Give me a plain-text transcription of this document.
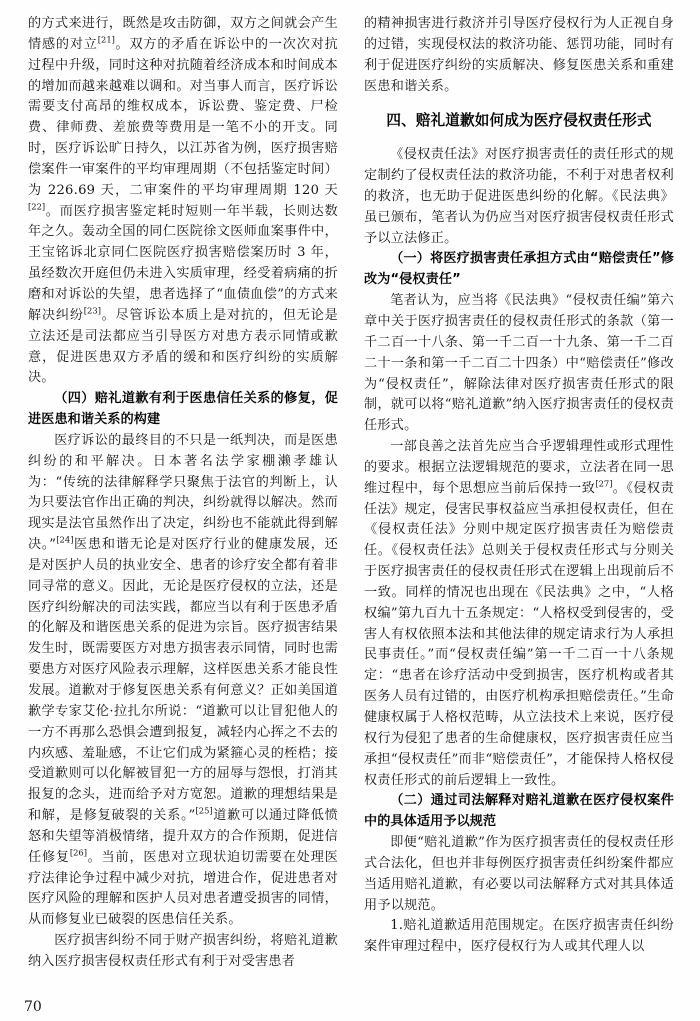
的方式来进行，既然是攻击防御，双方之间就会产生情感的对立[21]。双方的矛盾在诉讼中的一次次对抗过程中升级，同时这种对抗随着经济成本和时间成本的增加而越来越难以调和。对当事人而言，医疗诉讼需要支付高昂的维权成本，诉讼费、鉴定费、尸检费、律师费、差旅费等费用是一笔不小的开支。同时，医疗诉讼旷日持久，以江苏省为例，医疗损害赔偿案件一审案件的平均审理周期（不包括鉴定时间）为 226.69 天，二审案件的平均审理周期 120 天[22]。而医疗损害鉴定耗时短则一年半载，长则达数年之久。轰动全国的同仁医院徐文医师血案事件中，王宝铭诉北京同仁医院医疗损害赔偿案历时 3 年，虽经数次开庭但仍未进入实质审理，经受着病痛的折磨和对诉讼的失望，患者选择了“血债血偿”的方式来解决纠纷[23]。尽管诉讼本质上是对抗的，但无论是立法还是司法都应当引导医方对患方表示同情或歉意，促进医患双方矛盾的缓和和医疗纠纷的实质解决。

（四）赔礼道歉有利于医患信任关系的修复，促进医患和谐关系的构建

医疗诉讼的最终目的不只是一纸判决，而是医患纠纷的和平解决。日本著名法学家棚濑孝雄认为：“传统的法律解释学只聚焦于法官的判断上，认为只要法官作出正确的判决，纠纷就得以解决。然而现实是法官虽然作出了决定，纠纷也不能就此得到解决。”[24]医患和谐无论是对医疗行业的健康发展，还是对医护人员的执业安全、患者的诊疗安全都有着非同寻常的意义。因此，无论是医疗侵权的立法，还是医疗纠纷解决的司法实践，都应当以有利于医患矛盾的化解及和谐医患关系的促进为宗旨。医疗损害结果发生时，既需要医方对患方损害表示同情，同时也需要患方对医疗风险表示理解，这样医患关系才能良性发展。道歉对于修复医患关系有何意义？正如美国道歉学专家艾伦·拉扎尔所说：“道歉可以让冒犯他人的一方不再那么恐惧会遭到报复，减轻内心挥之不去的内疚感、羞耻感，不让它们成为紧箍心灵的桎梏；接受道歉则可以化解被冒犯一方的屈辱与怨恨，打消其报复的念头，进而给予对方宽恕。道歉的理想结果是和解，是修复破裂的关系。”[25]道歉可以通过降低愤怒和失望等消极情绪，提升双方的合作预期，促进信任修复[26]。当前，医患对立现状迫切需要在处理医疗法律论争过程中减少对抗，增进合作，促进患者对医疗风险的理解和医护人员对患者遭受损害的同情，从而修复业已破裂的医患信任关系。

医疗损害纠纷不同于财产损害纠纷，将赔礼道歉纳入医疗损害侵权责任形式有利于对受害患者

的精神损害进行救济并引导医疗侵权行为人正视自身的过错，实现侵权法的救济功能、惩罚功能，同时有利于促进医疗纠纷的实质解决、修复医患关系和重建医患和谐关系。

四、赔礼道歉如何成为医疗侵权责任形式

《侵权责任法》对医疗损害责任的责任形式的规定制约了侵权责任法的救济功能，不利于对患者权利的救济，也无助于促进医患纠纷的化解。《民法典》虽已颁布，笔者认为仍应当对医疗损害侵权责任形式予以立法修正。

（一）将医疗损害责任承担方式由“赔偿责任”修改为“侵权责任”

笔者认为，应当将《民法典》“侵权责任编”第六章中关于医疗损害责任的侵权责任形式的条款（第一千二百一十八条、第一千二百一十九条、第一千二百二十一条和第一千二百二十四条）中“赔偿责任”修改为“侵权责任”，解除法律对医疗损害责任形式的限制，就可以将“赔礼道歉”纳入医疗损害责任的侵权责任形式。

一部良善之法首先应当合乎逻辑理性或形式理性的要求。根据立法逻辑规范的要求，立法者在同一思维过程中，每个思想应当前后保持一致[27]。《侵权责任法》规定，侵害民事权益应当承担侵权责任，但在《侵权责任法》分则中规定医疗损害责任为赔偿责任。《侵权责任法》总则关于侵权责任形式与分则关于医疗损害责任的侵权责任形式在逻辑上出现前后不一致。同样的情况也出现在《民法典》之中，“人格权编”第九百九十五条规定：“人格权受到侵害的，受害人有权依照本法和其他法律的规定请求行为人承担民事责任。”而“侵权责任编”第一千二百一十八条规定：“患者在诊疗活动中受到损害，医疗机构或者其医务人员有过错的，由医疗机构承担赔偿责任。”生命健康权属于人格权范畴，从立法技术上来说，医疗侵权行为侵犯了患者的生命健康权，医疗损害责任应当承担“侵权责任”而非“赔偿责任”，才能保持人格权侵权责任形式的前后逻辑上一致性。

（二）通过司法解释对赔礼道歉在医疗侵权案件中的具体适用予以规范

即便“赔礼道歉”作为医疗损害责任的侵权责任形式合法化，但也并非每例医疗损害责任纠纷案件都应当适用赔礼道歉，有必要以司法解释方式对其具体适用予以规范。

1.赔礼道歉适用范围规定。在医疗损害责任纠纷案件审理过程中，医疗侵权行为人或其代理人以

70
